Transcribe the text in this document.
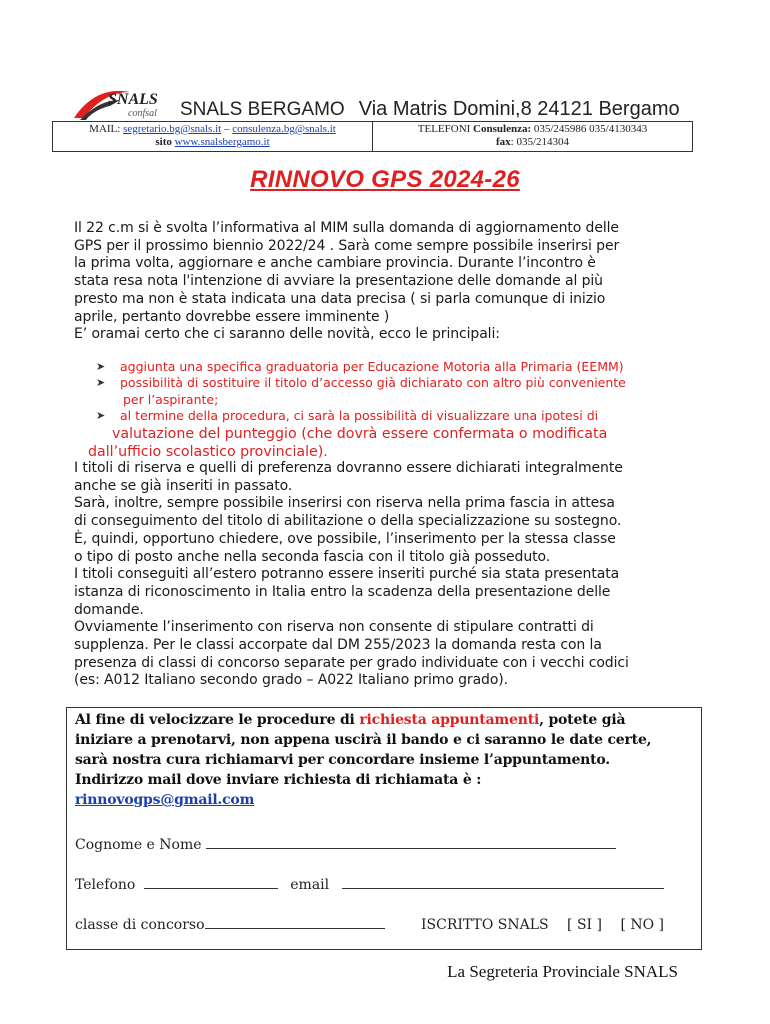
SNALS
confsal SNALS BERGAMO Via Matris Domini,8 24121 Bergamo
MAIL: segretario.bg@snals.it – consulenza.bg@snals.it
sito www.snalsbergamo.it
TELEFONI Consulenza: 035/245986 035/4130343
fax: 035/214304
RINNOVO GPS 2024-26
Il 22 c.m si è svolta l’informativa al MIM sulla domanda di aggiornamento delle
GPS per il prossimo biennio 2022/24 . Sarà come sempre possibile inserirsi per
la prima volta, aggiornare e anche cambiare provincia. Durante l’incontro è
stata resa nota l'intenzione di avviare la presentazione delle domande al più
presto ma non è stata indicata una data precisa ( si parla comunque di inizio
aprile, pertanto dovrebbe essere imminente )
E’ oramai certo che ci saranno delle novità, ecco le principali:
➤ aggiunta una specifica graduatoria per Educazione Motoria alla Primaria (EEMM)
➤ possibilità di sostituire il titolo d’accesso già dichiarato con altro più conveniente
per l’aspirante;
➤ al termine della procedura, ci sarà la possibilità di visualizzare una ipotesi di
valutazione del punteggio (che dovrà essere confermata o modificata
dall’ufficio scolastico provinciale).
I titoli di riserva e quelli di preferenza dovranno essere dichiarati integralmente
anche se già inseriti in passato.
Sarà, inoltre, sempre possibile inserirsi con riserva nella prima fascia in attesa
di conseguimento del titolo di abilitazione o della specializzazione su sostegno.
È, quindi, opportuno chiedere, ove possibile, l’inserimento per la stessa classe
o tipo di posto anche nella seconda fascia con il titolo già posseduto.
I titoli conseguiti all’estero potranno essere inseriti purché sia stata presentata
istanza di riconoscimento in Italia entro la scadenza della presentazione delle
domande.
Ovviamente l’inserimento con riserva non consente di stipulare contratti di
supplenza. Per le classi accorpate dal DM 255/2023 la domanda resta con la
presenza di classi di concorso separate per grado individuate con i vecchi codici
(es: A012 Italiano secondo grado – A022 Italiano primo grado).
Al fine di velocizzare le procedure di richiesta appuntamenti, potete già
iniziare a prenotarvi, non appena uscirà il bando e ci saranno le date certe,
sarà nostra cura richiamarvi per concordare insieme l’appuntamento.
Indirizzo mail dove inviare richiesta di richiamata è :
rinnovogps@gmail.com
Cognome e Nome
Telefono	email
classe di concorso	ISCRITTO SNALS [ SI ] [ NO ]
La Segreteria Provinciale SNALS
